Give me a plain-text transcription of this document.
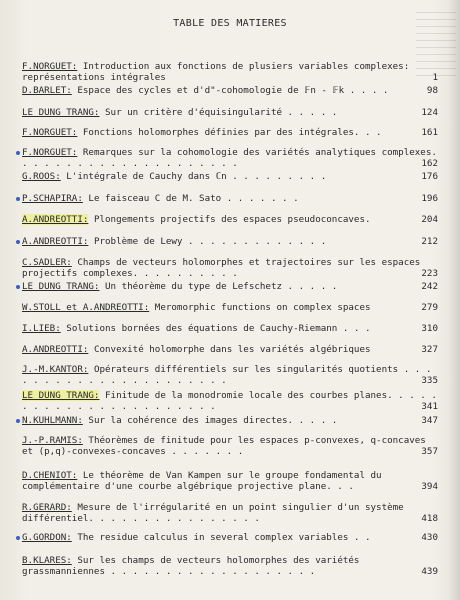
TABLE DES MATIERES
F.NORGUET: Introduction aux fonctions de plusiers variables complexes: représentations intégrales	1
D.BARLET: Espace des cycles et d'd"-cohomologie de 𝔽n - 𝔽k . . . .	98
LE DUNG TRANG: Sur un critère d'équisingularité . . . . .	124
F.NORGUET: Fonctions holomorphes définies par des intégrales. . .	161
F.NORGUET: Remarques sur la cohomologie des variétés analytiques complexes. . . . . . . . . . . . . . . . . . . . .	162
G.ROOS: L'intégrale de Cauchy dans ℂn . . . . . . . . .	176
P.SCHAPIRA: Le faisceau C de M. Sato . . . . . . .	196
A.ANDREOTTI: Plongements projectifs des espaces pseudoconcaves.	204
A.ANDREOTTI: Problème de Lewy . . . . . . . . . . . . .	212
C.SADLER: Champs de vecteurs holomorphes et trajectoires sur les espaces projectifs complexes. . . . . . . . . .	223
LE DUNG TRANG: Un théorème du type de Lefschetz . . . . .	242
W.STOLL et A.ANDREOTTI: Meromorphic functions on complex spaces	279
I.LIEB: Solutions bornées des équations de Cauchy-Riemann . . .	310
A.ANDREOTTI: Convexité holomorphe dans les variétés algébriques	327
J.-M.KANTOR: Opérateurs différentiels sur les singularités quotients . . . . . . . . . . . . . . . . . . . . . .	335
LE DUNG TRANG: Finitude de la monodromie locale des courbes planes. . . . . . . . . . . . . . . . . . . . . . .	341
N.KUHLMANN: Sur la cohérence des images directes. . . . .	347
J.-P.RAMIS: Théorèmes de finitude pour les espaces p-convexes, q-concaves et (p,q)-convexes-concaves . . . . . . .	357
D.CHENIOT: Le théorème de Van Kampen sur le groupe fondamental du complémentaire d'une courbe algébrique projective plane. . .	394
R.GERARD: Mesure de l'irrégularité en un point singulier d'un système différentiel. . . . . . . . . . . . . . . .	418
G.GORDON: The residue calculus in several complex variables . .	430
B.KLARES: Sur les champs de vecteurs holomorphes des variétés grassmanniennes . . . . . . . . . . . . . . . . . . .	439
